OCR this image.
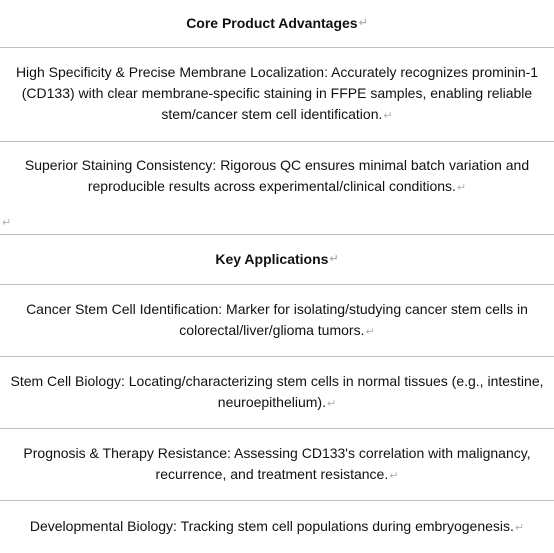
Core Product Advantages ↵
High Specificity & Precise Membrane Localization: Accurately recognizes prominin-1 (CD133) with clear membrane-specific staining in FFPE samples, enabling reliable stem/cancer stem cell identification.↵
Superior Staining Consistency: Rigorous QC ensures minimal batch variation and reproducible results across experimental/clinical conditions.↵
↵
Key Applications ↵
Cancer Stem Cell Identification: Marker for isolating/studying cancer stem cells in colorectal/liver/glioma tumors.↵
Stem Cell Biology: Locating/characterizing stem cells in normal tissues (e.g., intestine, neuroepithelium).↵
Prognosis & Therapy Resistance: Assessing CD133's correlation with malignancy, recurrence, and treatment resistance.↵
Developmental Biology: Tracking stem cell populations during embryogenesis.↵
